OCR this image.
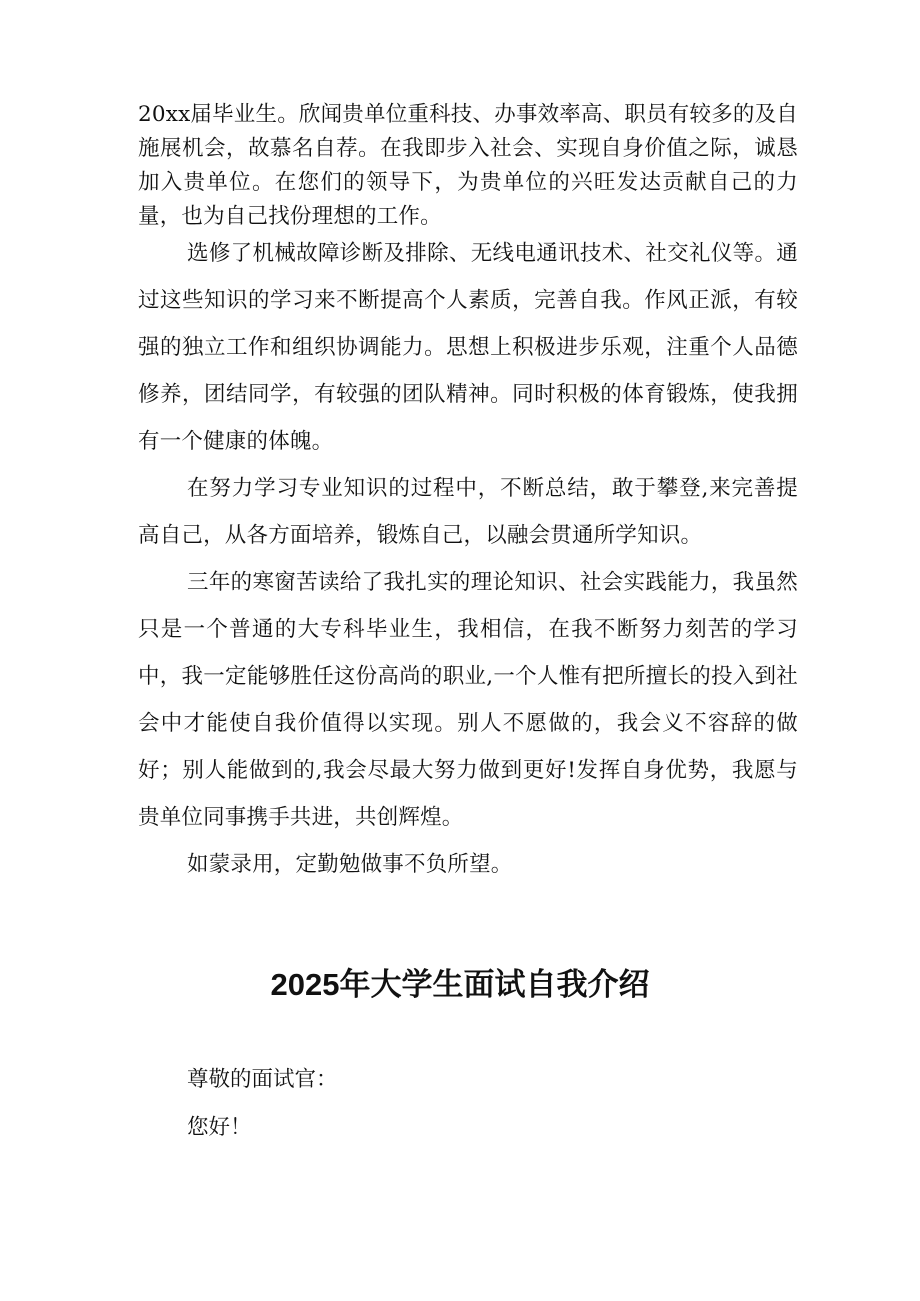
20xx届毕业生。欣闻贵单位重科技、办事效率高、职员有较多的及自施展机会，故慕名自荐。在我即步入社会、实现自身价值之际，诚恳加入贵单位。在您们的领导下，为贵单位的兴旺发达贡献自己的力量，也为自己找份理想的工作。

选修了机械故障诊断及排除、无线电通讯技术、社交礼仪等。通过这些知识的学习来不断提高个人素质，完善自我。作风正派，有较强的独立工作和组织协调能力。思想上积极进步乐观，注重个人品德修养，团结同学，有较强的团队精神。同时积极的体育锻炼，使我拥有一个健康的体魄。

在努力学习专业知识的过程中，不断总结，敢于攀登,来完善提高自己，从各方面培养，锻炼自己，以融会贯通所学知识。

三年的寒窗苦读给了我扎实的理论知识、社会实践能力，我虽然只是一个普通的大专科毕业生，我相信，在我不断努力刻苦的学习中，我一定能够胜任这份高尚的职业,一个人惟有把所擅长的投入到社会中才能使自我价值得以实现。别人不愿做的，我会义不容辞的做好；别人能做到的,我会尽最大努力做到更好!发挥自身优势，我愿与贵单位同事携手共进，共创辉煌。

如蒙录用，定勤勉做事不负所望。

2025年大学生面试自我介绍

尊敬的面试官：

您好！
